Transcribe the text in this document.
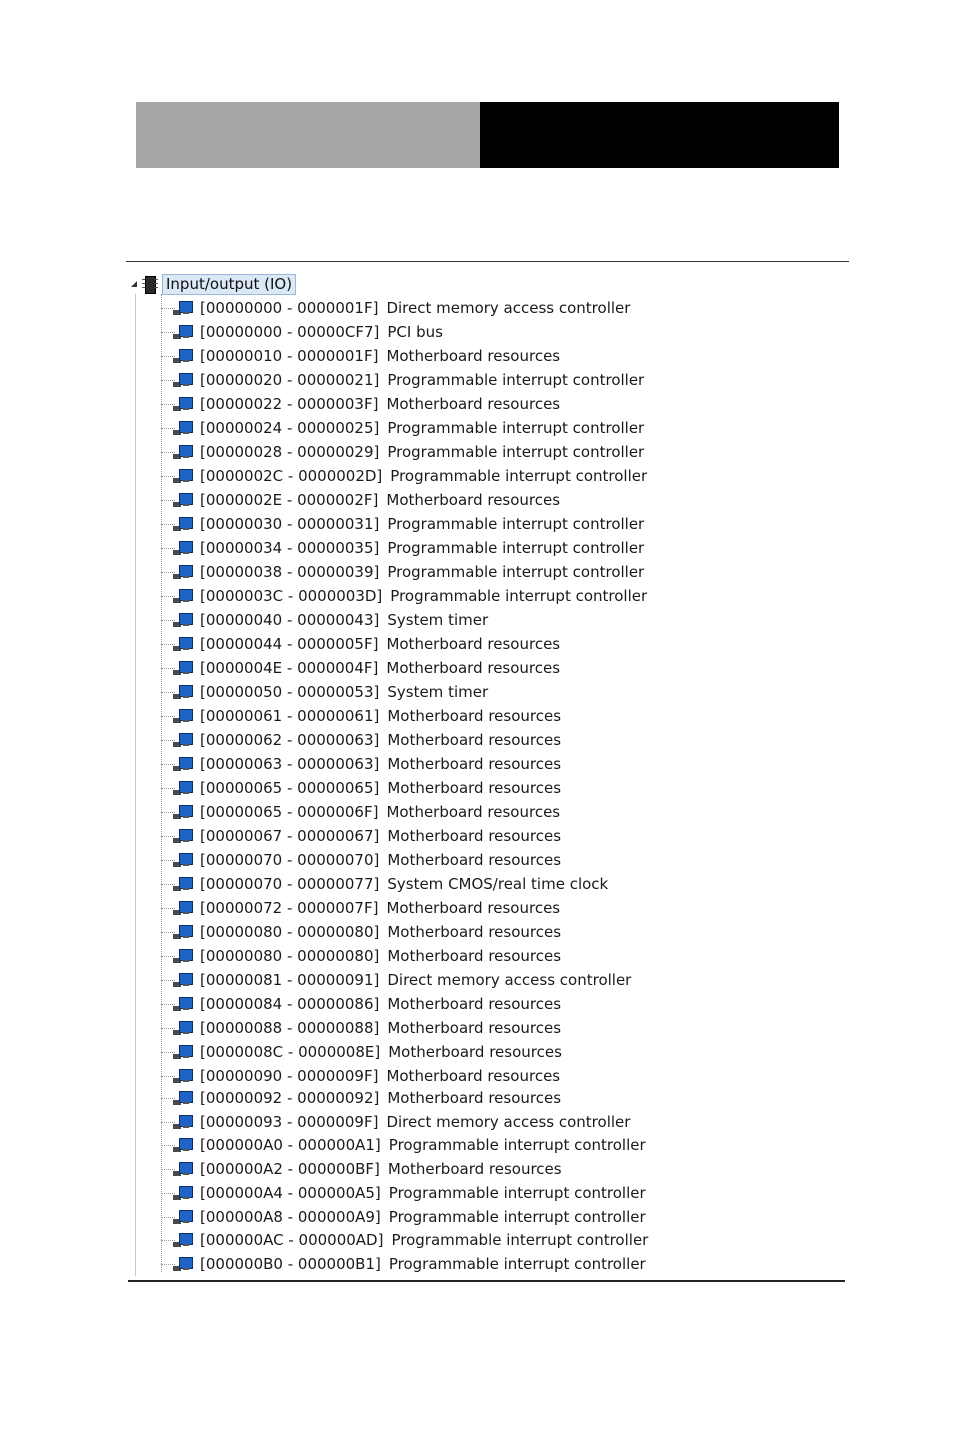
Input/output (IO)
[00000000 - 0000001F] Direct memory access controller
[00000000 - 00000CF7] PCI bus
[00000010 - 0000001F] Motherboard resources
[00000020 - 00000021] Programmable interrupt controller
[00000022 - 0000003F] Motherboard resources
[00000024 - 00000025] Programmable interrupt controller
[00000028 - 00000029] Programmable interrupt controller
[0000002C - 0000002D] Programmable interrupt controller
[0000002E - 0000002F] Motherboard resources
[00000030 - 00000031] Programmable interrupt controller
[00000034 - 00000035] Programmable interrupt controller
[00000038 - 00000039] Programmable interrupt controller
[0000003C - 0000003D] Programmable interrupt controller
[00000040 - 00000043] System timer
[00000044 - 0000005F] Motherboard resources
[0000004E - 0000004F] Motherboard resources
[00000050 - 00000053] System timer
[00000061 - 00000061] Motherboard resources
[00000062 - 00000063] Motherboard resources
[00000063 - 00000063] Motherboard resources
[00000065 - 00000065] Motherboard resources
[00000065 - 0000006F] Motherboard resources
[00000067 - 00000067] Motherboard resources
[00000070 - 00000070] Motherboard resources
[00000070 - 00000077] System CMOS/real time clock
[00000072 - 0000007F] Motherboard resources
[00000080 - 00000080] Motherboard resources
[00000080 - 00000080] Motherboard resources
[00000081 - 00000091] Direct memory access controller
[00000084 - 00000086] Motherboard resources
[00000088 - 00000088] Motherboard resources
[0000008C - 0000008E] Motherboard resources
[00000090 - 0000009F] Motherboard resources
[00000092 - 00000092] Motherboard resources
[00000093 - 0000009F] Direct memory access controller
[000000A0 - 000000A1] Programmable interrupt controller
[000000A2 - 000000BF] Motherboard resources
[000000A4 - 000000A5] Programmable interrupt controller
[000000A8 - 000000A9] Programmable interrupt controller
[000000AC - 000000AD] Programmable interrupt controller
[000000B0 - 000000B1] Programmable interrupt controller
